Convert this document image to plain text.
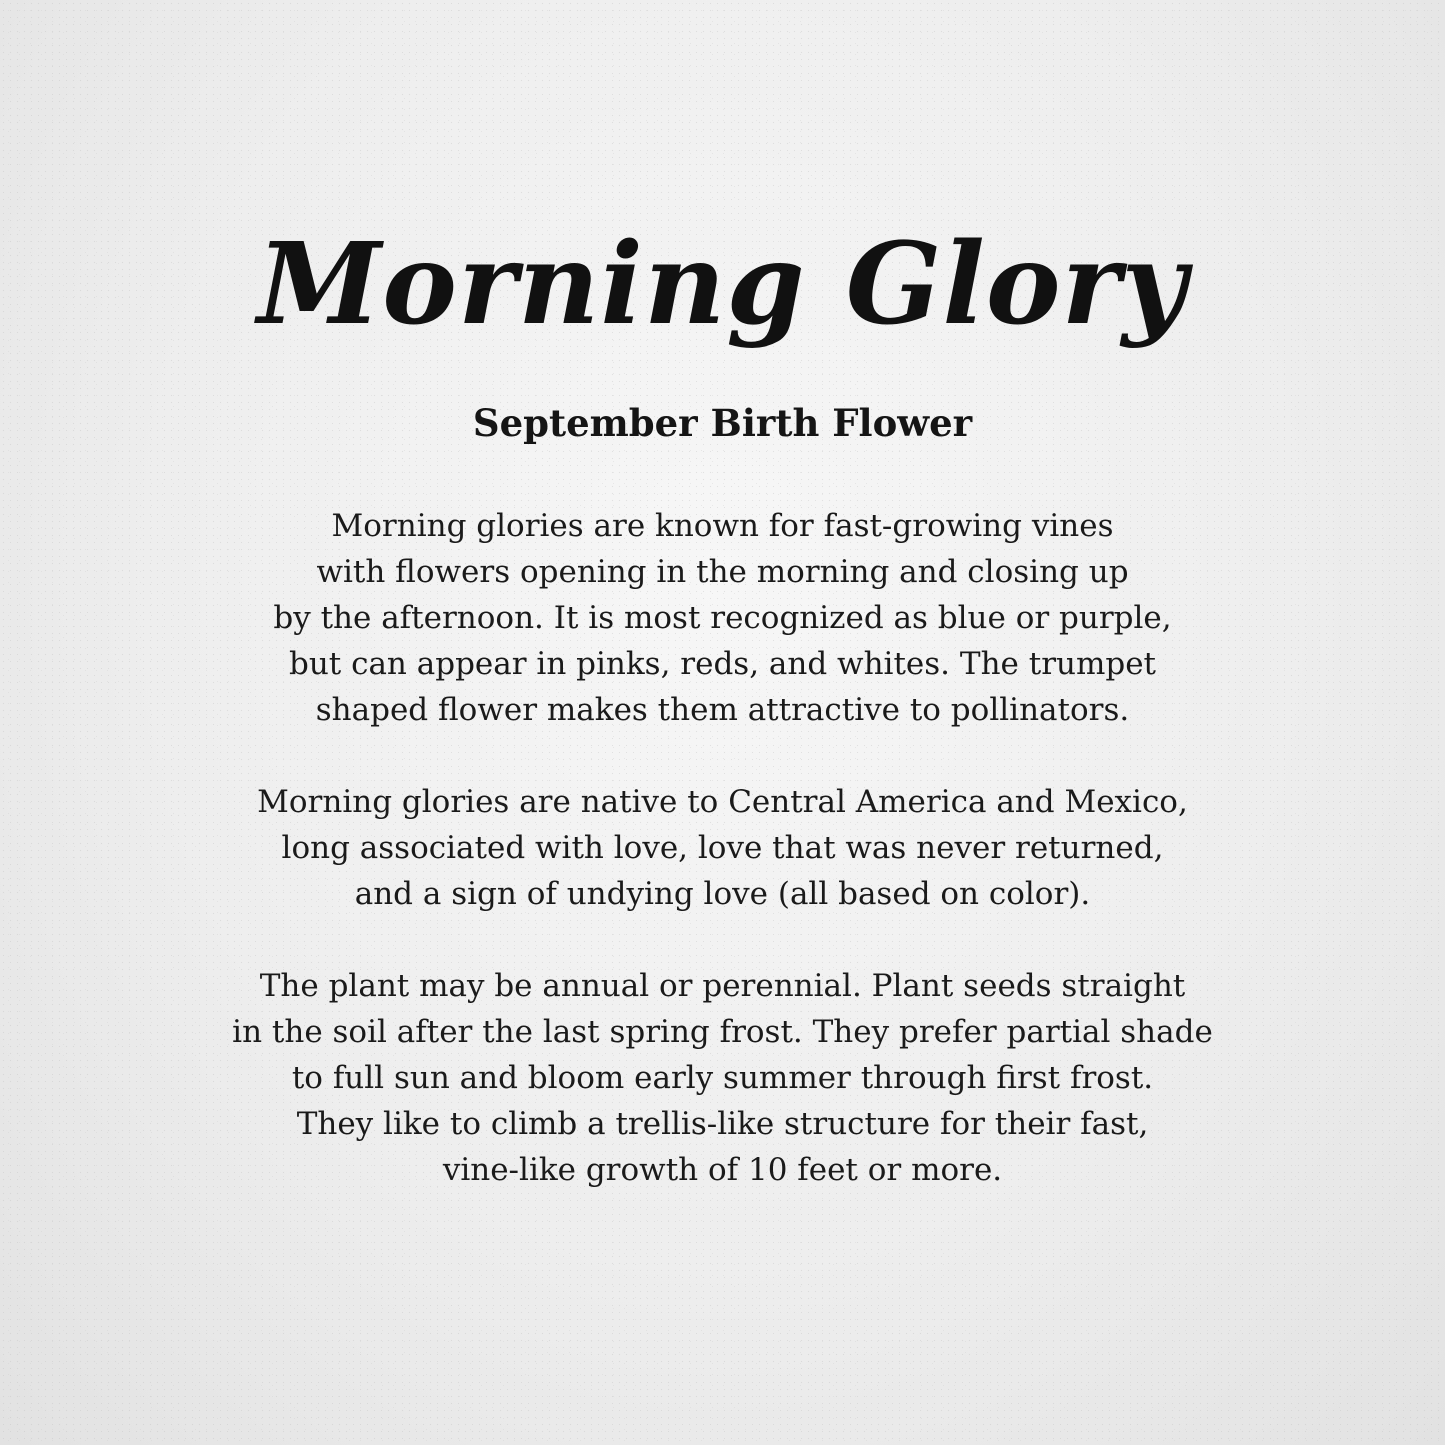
Morning Glory
September Birth Flower
Morning glories are known for fast-growing vines
with flowers opening in the morning and closing up
by the afternoon. It is most recognized as blue or purple,
but can appear in pinks, reds, and whites. The trumpet
shaped flower makes them attractive to pollinators.
Morning glories are native to Central America and Mexico,
long associated with love, love that was never returned,
and a sign of undying love (all based on color).
The plant may be annual or perennial. Plant seeds straight
in the soil after the last spring frost. They prefer partial shade
to full sun and bloom early summer through first frost.
They like to climb a trellis-like structure for their fast,
vine-like growth of 10 feet or more.
